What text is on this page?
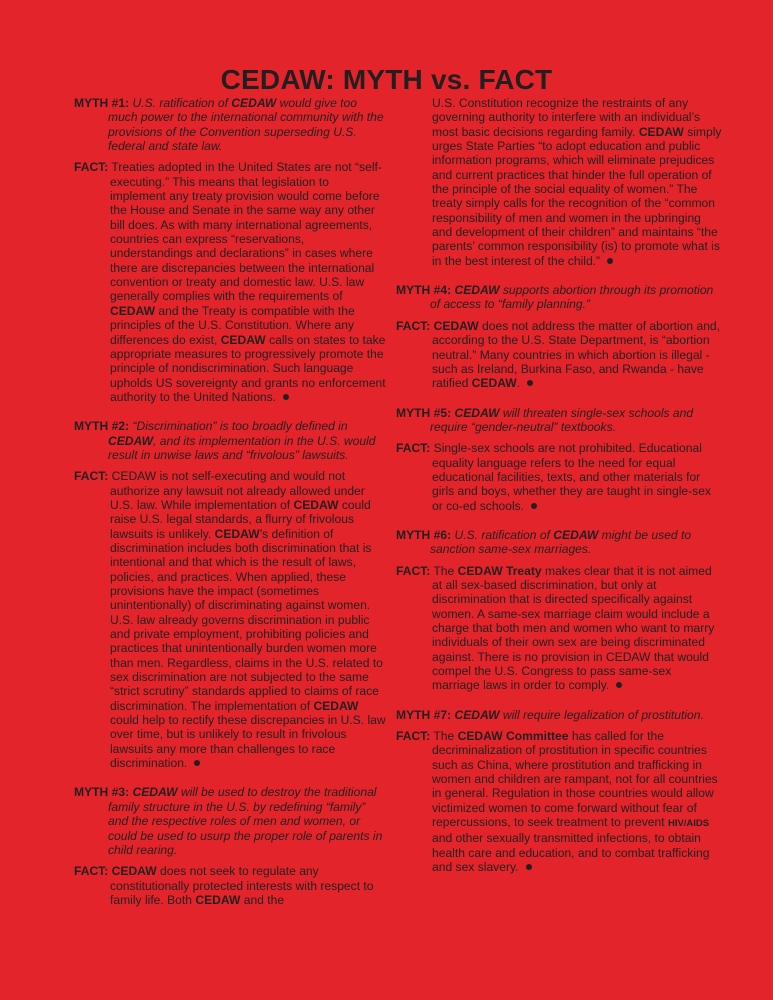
CEDAW: MYTH vs. FACT

MYTH #1: U.S. ratification of CEDAW would give too much power to the international community with the provisions of the Convention superseding U.S. federal and state law.

FACT: Treaties adopted in the United States are not “self-executing.” This means that legislation to implement any treaty provision would come before the House and Senate in the same way any other bill does. As with many international agreements, countries can express “reservations, understandings and declarations” in cases where there are discrepancies between the international convention or treaty and domestic law. U.S. law generally complies with the requirements of CEDAW and the Treaty is compatible with the principles of the U.S. Constitution. Where any differences do exist, CEDAW calls on states to take appropriate measures to progressively promote the principle of nondiscrimination. Such language upholds US sovereignty and grants no enforcement authority to the United Nations.

MYTH #2: “Discrimination” is too broadly defined in CEDAW, and its implementation in the U.S. would result in unwise laws and “frivolous” lawsuits.

FACT: CEDAW is not self-executing and would not authorize any lawsuit not already allowed under U.S. law. While implementation of CEDAW could raise U.S. legal standards, a flurry of frivolous lawsuits is unlikely. CEDAW’s definition of discrimination includes both discrimination that is intentional and that which is the result of laws, policies, and practices. When applied, these provisions have the impact (sometimes unintentionally) of discriminating against women. U.S. law already governs discrimination in public and private employment, prohibiting policies and practices that unintentionally burden women more than men. Regardless, claims in the U.S. related to sex discrimination are not subjected to the same “strict scrutiny” standards applied to claims of race discrimination. The implementation of CEDAW could help to rectify these discrepancies in U.S. law over time, but is unlikely to result in frivolous lawsuits any more than challenges to race discrimination.

MYTH #3: CEDAW will be used to destroy the traditional family structure in the U.S. by redefining “family” and the respective roles of men and women, or could be used to usurp the proper role of parents in child rearing.

FACT: CEDAW does not seek to regulate any constitutionally protected interests with respect to family life. Both CEDAW and the

U.S. Constitution recognize the restraints of any governing authority to interfere with an individual’s most basic decisions regarding family. CEDAW simply urges State Parties “to adopt education and public information programs, which will eliminate prejudices and current practices that hinder the full operation of the principle of the social equality of women.” The treaty simply calls for the recognition of the “common responsibility of men and women in the upbringing and development of their children” and maintains “the parents’ common responsibility (is) to promote what is in the best interest of the child.”

MYTH #4: CEDAW supports abortion through its promotion of access to “family planning.”

FACT: CEDAW does not address the matter of abortion and, according to the U.S. State Department, is “abortion neutral.” Many countries in which abortion is illegal - such as Ireland, Burkina Faso, and Rwanda - have ratified CEDAW.

MYTH #5: CEDAW will threaten single-sex schools and require “gender-neutral” textbooks.

FACT: Single-sex schools are not prohibited. Educational equality language refers to the need for equal educational facilities, texts, and other materials for girls and boys, whether they are taught in single-sex or co-ed schools.

MYTH #6: U.S. ratification of CEDAW might be used to sanction same-sex marriages.

FACT: The CEDAW Treaty makes clear that it is not aimed at all sex-based discrimination, but only at discrimination that is directed specifically against women. A same-sex marriage claim would include a charge that both men and women who want to marry individuals of their own sex are being discriminated against. There is no provision in CEDAW that would compel the U.S. Congress to pass same-sex marriage laws in order to comply.

MYTH #7: CEDAW will require legalization of prostitution.

FACT: The CEDAW Committee has called for the decriminalization of prostitution in specific countries such as China, where prostitution and trafficking in women and children are rampant, not for all countries in general. Regulation in those countries would allow victimized women to come forward without fear of repercussions, to seek treatment to prevent HIV/AIDS and other sexually transmitted infections, to obtain health care and education, and to combat trafficking and sex slavery.
